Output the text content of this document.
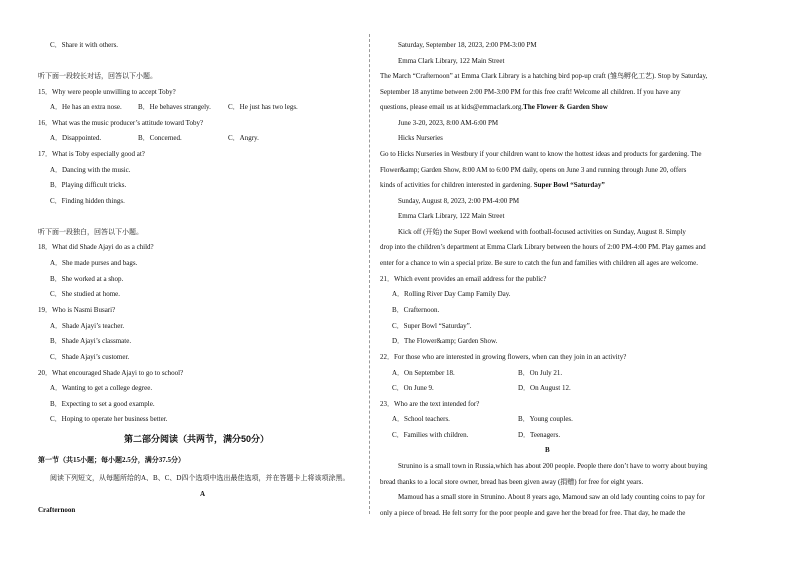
C．Share it with others.
听下面一段较长对话，回答以下小题。
15．Why were people unwilling to accept Toby?
A．He has an extra nose. B．He behaves strangely. C．He just has two legs.
16．What was the music producer’s attitude toward Toby?
A．Disappointed.	B．Concerned.	C．Angry.
17．What is Toby especially good at?
A．Dancing with the music.
B．Playing difficult tricks.
C．Finding hidden things.
听下面一段独白，回答以下小题。
18．What did Shade Ajayi do as a child?
A．She made purses and bags.
B．She worked at a shop.
C．She studied at home.
19．Who is Nasmi Busari?
A．Shade Ajayi’s teacher.
B．Shade Ajayi’s classmate.
C．Shade Ajayi’s customer.
20．What encouraged Shade Ajayi to go to school?
A．Wanting to get a college degree.
B．Expecting to set a good example.
C．Hoping to operate her business better.
第二部分阅读（共两节，满分50分）
第一节（共15小题；每小题2.5分，满分37.5分）
阅读下列短文，从每题所给的A、B、C、D四个选项中选出最佳选项，并在答题卡上将该项涂黑。
A
Crafternoon
Saturday, September 18, 2023, 2:00 PM-3:00 PM
Emma Clark Library, 122 Main Street
The March “Crafternoon” at Emma Clark Library is a hatching bird pop-up craft (雏鸟孵化工艺). Stop by Saturday,
September 18 anytime between 2:00 PM-3:00 PM for this free craft! Welcome all children. If you have any
questions, please email us at kids@emmaclark.org.The Flower & Garden Show
June 3-20, 2023, 8:00 AM-6:00 PM
Hicks Nurseries
Go to Hicks Nurseries in Westbury if your children want to know the hottest ideas and products for gardening. The
Flower&amp; Garden Show, 8:00 AM to 6:00 PM daily, opens on June 3 and running through June 20, offers
kinds of activities for children interested in gardening. Super Bowl “Saturday”
Sunday, August 8, 2023, 2:00 PM-4:00 PM
Emma Clark Library, 122 Main Street
Kick off (开始) the Super Bowl weekend with football-focused activities on Sunday, August 8. Simply
drop into the children’s department at Emma Clark Library between the hours of 2:00 PM-4:00 PM. Play games and
enter for a chance to win a special prize. Be sure to catch the fun and families with children all ages are welcome.
21．Which event provides an email address for the public?
A．Rolling River Day Camp Family Day.
B．Crafternoon.
C．Super Bowl “Saturday”.
D．The Flower&amp; Garden Show.
22．For those who are interested in growing flowers, when can they join in an activity?
A．On September 18.	B．On July 21.
C．On June 9.	D．On August 12.
23．Who are the text intended for?
A．School teachers.	B．Young couples.
C．Families with children.	D．Teenagers.
B
Strunino is a small town in Russia,which has about 200 people. People there don’t have to worry about buying
bread thanks to a local store owner, bread has been given away (捐赠) for free for eight years.
Mamoud has a small store in Strunino. About 8 years ago, Mamoud saw an old lady counting coins to pay for
only a piece of bread. He felt sorry for the poor people and gave her the bread for free. That day, he made the
